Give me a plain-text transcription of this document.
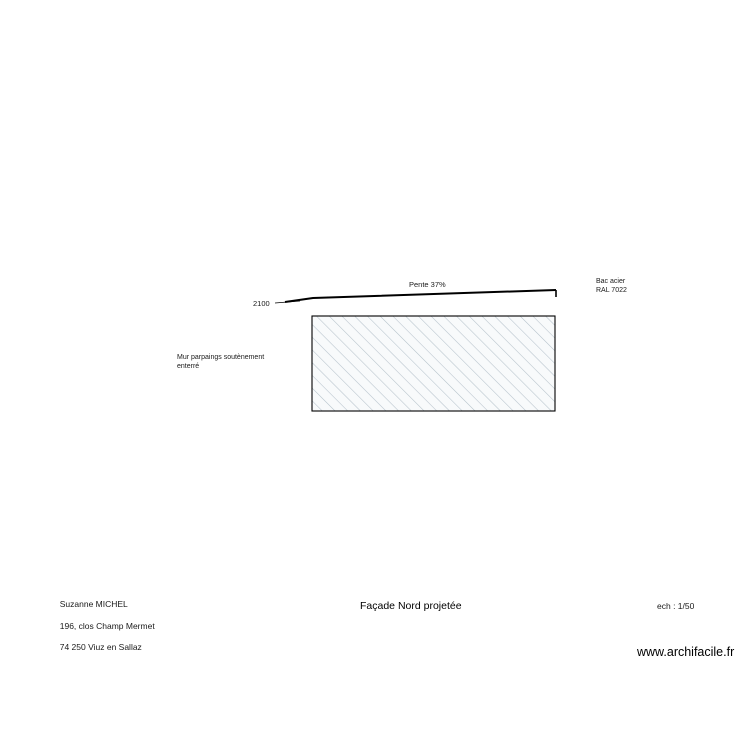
Pente 37%	Bac acier
RAL 7022
2100
Mur parpaings soutènement
enterré

Suzanne MICHEL

196, clos Champ Mermet

74 250 Viuz en Sallaz

Façade Nord projetée	ech : 1/50
www.archifacile.fr
